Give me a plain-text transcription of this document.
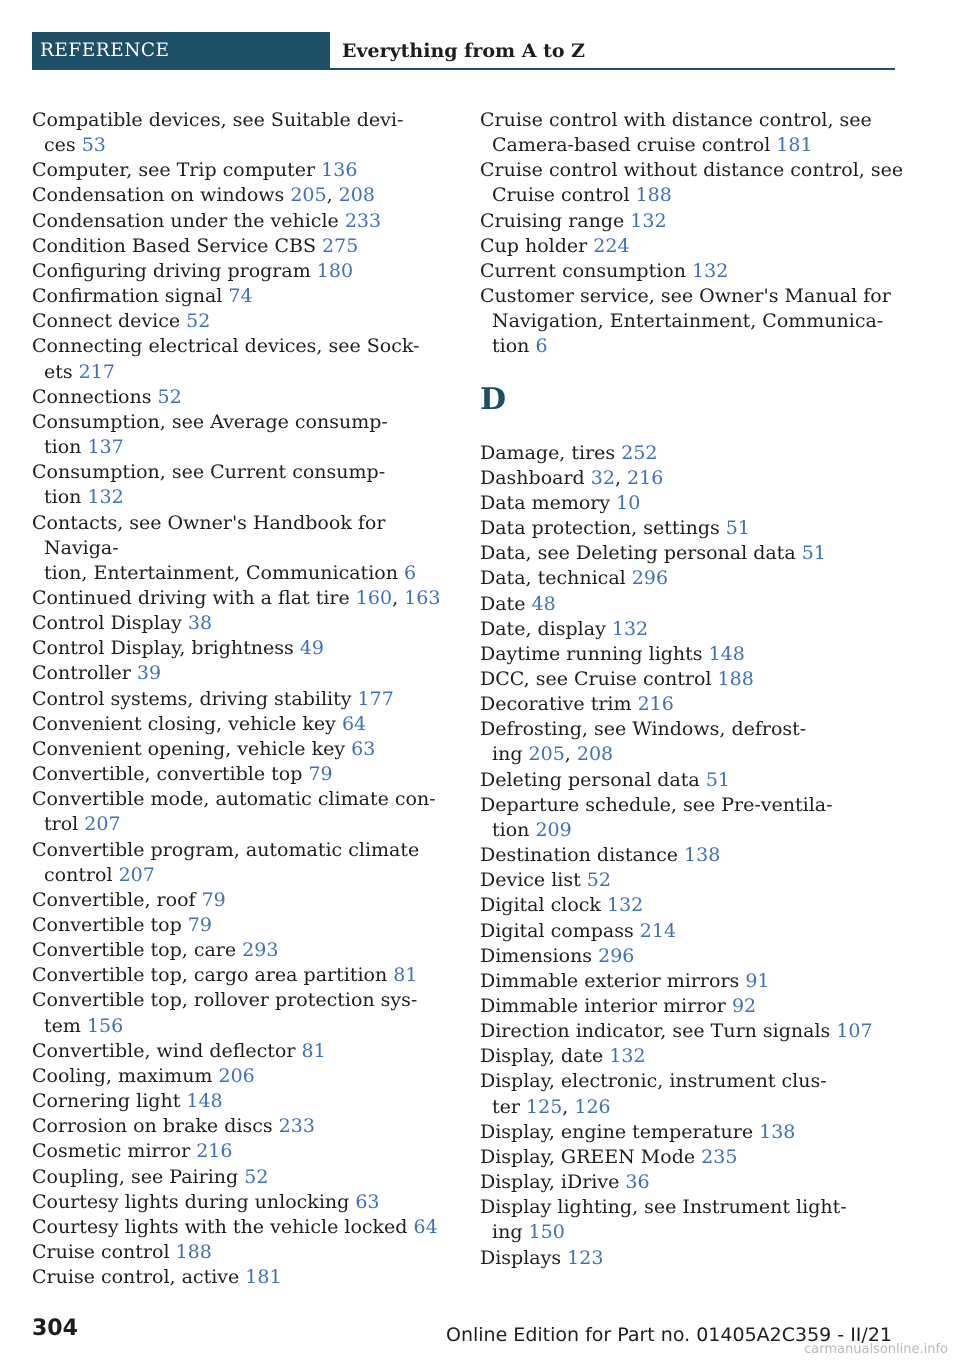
REFERENCE	Everything from A to Z
Compatible devices, see Suitable devi-
ces 53
Computer, see Trip computer 136
Condensation on windows 205, 208
Condensation under the vehicle 233
Condition Based Service CBS 275
Configuring driving program 180
Confirmation signal 74
Connect device 52
Connecting electrical devices, see Sock-
ets 217
Connections 52
Consumption, see Average consump-
tion 137
Consumption, see Current consump-
tion 132
Contacts, see Owner's Handbook for Naviga-
tion, Entertainment, Communication 6
Continued driving with a flat tire 160, 163
Control Display 38
Control Display, brightness 49
Controller 39
Control systems, driving stability 177
Convenient closing, vehicle key 64
Convenient opening, vehicle key 63
Convertible, convertible top 79
Convertible mode, automatic climate con-
trol 207
Convertible program, automatic climate
control 207
Convertible, roof 79
Convertible top 79
Convertible top, care 293
Convertible top, cargo area partition 81
Convertible top, rollover protection sys-
tem 156
Convertible, wind deflector 81
Cooling, maximum 206
Cornering light 148
Corrosion on brake discs 233
Cosmetic mirror 216
Coupling, see Pairing 52
Courtesy lights during unlocking 63
Courtesy lights with the vehicle locked 64
Cruise control 188
Cruise control, active 181
Cruise control with distance control, see
Camera-based cruise control 181
Cruise control without distance control, see
Cruise control 188
Cruising range 132
Cup holder 224
Current consumption 132
Customer service, see Owner's Manual for
Navigation, Entertainment, Communica-
tion 6
D
Damage, tires 252
Dashboard 32, 216
Data memory 10
Data protection, settings 51
Data, see Deleting personal data 51
Data, technical 296
Date 48
Date, display 132
Daytime running lights 148
DCC, see Cruise control 188
Decorative trim 216
Defrosting, see Windows, defrost-
ing 205, 208
Deleting personal data 51
Departure schedule, see Pre-ventila-
tion 209
Destination distance 138
Device list 52
Digital clock 132
Digital compass 214
Dimensions 296
Dimmable exterior mirrors 91
Dimmable interior mirror 92
Direction indicator, see Turn signals 107
Display, date 132
Display, electronic, instrument clus-
ter 125, 126
Display, engine temperature 138
Display, GREEN Mode 235
Display, iDrive 36
Display lighting, see Instrument light-
ing 150
Displays 123
304	Online Edition for Part no. 01405A2C359 - II/21
carmanualsonline.info
